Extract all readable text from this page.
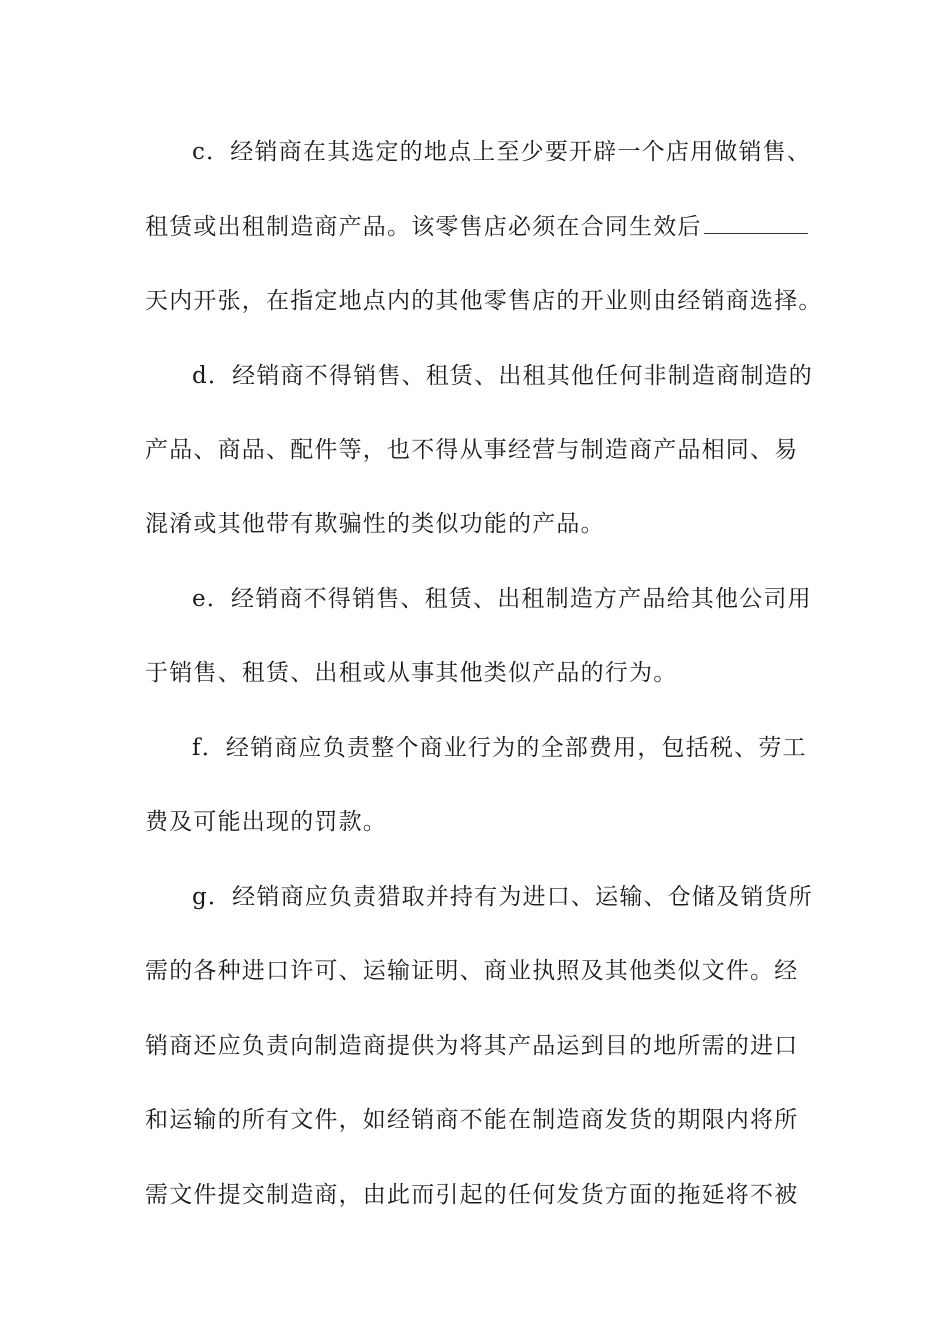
c．经销商在其选定的地点上至少要开辟一个店用做销售、
租赁或出租制造商产品。该零售店必须在合同生效后
天内开张，在指定地点内的其他零售店的开业则由经销商选择。
d．经销商不得销售、租赁、出租其他任何非制造商制造的
产品、商品、配件等，也不得从事经营与制造商产品相同、易
混淆或其他带有欺骗性的类似功能的产品。
e．经销商不得销售、租赁、出租制造方产品给其他公司用
于销售、租赁、出租或从事其他类似产品的行为。
f．经销商应负责整个商业行为的全部费用，包括税、劳工
费及可能出现的罚款。
g．经销商应负责猎取并持有为进口、运输、仓储及销货所
需的各种进口许可、运输证明、商业执照及其他类似文件。经
销商还应负责向制造商提供为将其产品运到目的地所需的进口
和运输的所有文件，如经销商不能在制造商发货的期限内将所
需文件提交制造商，由此而引起的任何发货方面的拖延将不被
